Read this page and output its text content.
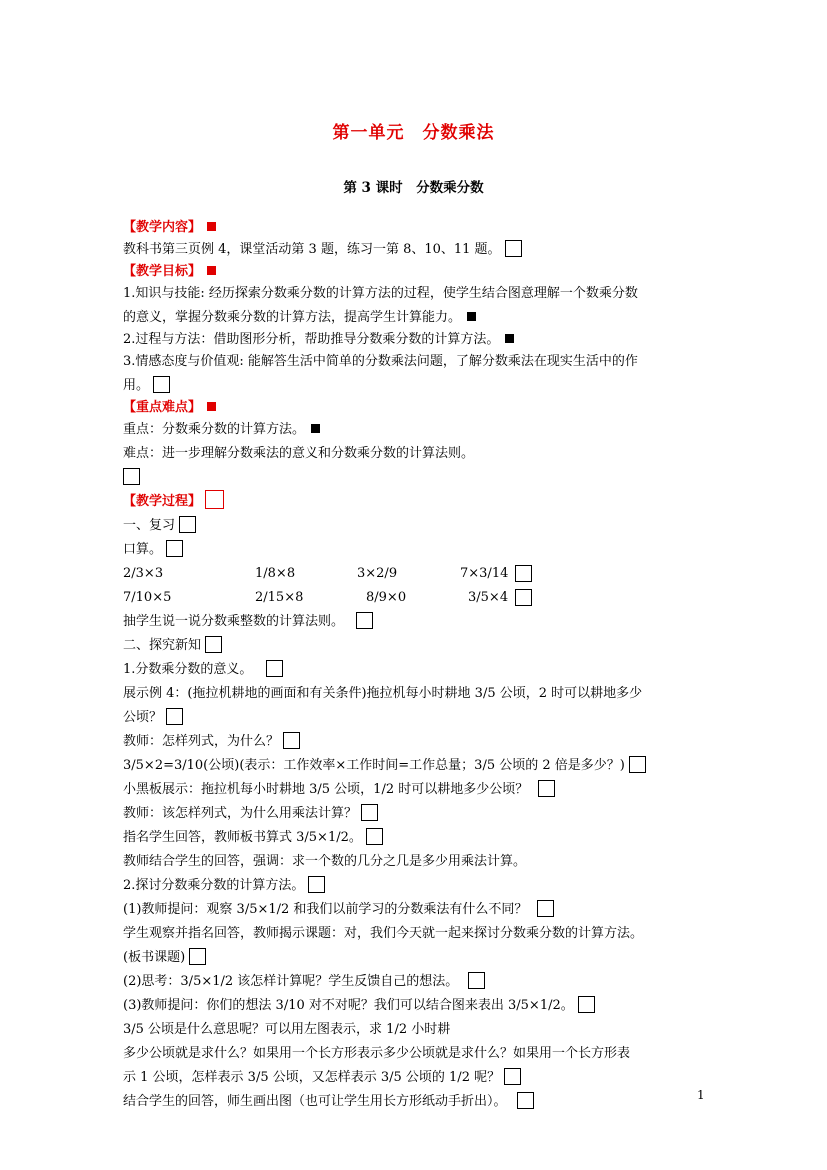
第一单元　分数乘法
第 3 课时　分数乘分数
【教学内容】
教科书第三页例 4，课堂活动第 3 题，练习一第 8、10、11 题。
【教学目标】
1.知识与技能: 经历探索分数乘分数的计算方法的过程，使学生结合图意理解一个数乘分数
的意义，掌握分数乘分数的计算方法，提高学生计算能力。
2.过程与方法：借助图形分析，帮助推导分数乘分数的计算方法。
3.情感态度与价值观: 能解答生活中简单的分数乘法问题，了解分数乘法在现实生活中的作
用。
【重点难点】
重点：分数乘分数的计算方法。
难点：进一步理解分数乘法的意义和分数乘分数的计算法则。
【教学过程】
一、复习
口算。
2/3×3	1/8×8	3×2/9	7×3/14
7/10×5	2/15×8	8/9×0	3/5×4
抽学生说一说分数乘整数的计算法则。
二、探究新知
1.分数乘分数的意义。
展示例 4：(拖拉机耕地的画面和有关条件)拖拉机每小时耕地 3/5 公顷，2 时可以耕地多少
公顷？
教师：怎样列式，为什么？
3/5×2=3/10(公顷)(表示：工作效率×工作时间=工作总量；3/5 公顷的 2 倍是多少？)
小黑板展示：拖拉机每小时耕地 3/5 公顷，1/2 时可以耕地多少公顷？
教师：该怎样列式，为什么用乘法计算？
指名学生回答，教师板书算式 3/5×1/2。
教师结合学生的回答，强调：求一个数的几分之几是多少用乘法计算。
2.探讨分数乘分数的计算方法。
(1)教师提问：观察 3/5×1/2 和我们以前学习的分数乘法有什么不同？
学生观察并指名回答，教师揭示课题：对，我们今天就一起来探讨分数乘分数的计算方法。
(板书课题)
(2)思考：3/5×1/2 该怎样计算呢？学生反馈自己的想法。
(3)教师提问：你们的想法 3/10 对不对呢？我们可以结合图来表出 3/5×1/2。
3/5 公顷是什么意思呢？可以用左图表示，求 1/2 小时耕
多少公顷就是求什么？如果用一个长方形表示多少公顷就是求什么？如果用一个长方形表
示 1 公顷，怎样表示 3/5 公顷，又怎样表示 3/5 公顷的 1/2 呢？
结合学生的回答，师生画出图（也可让学生用长方形纸动手折出）。	1
